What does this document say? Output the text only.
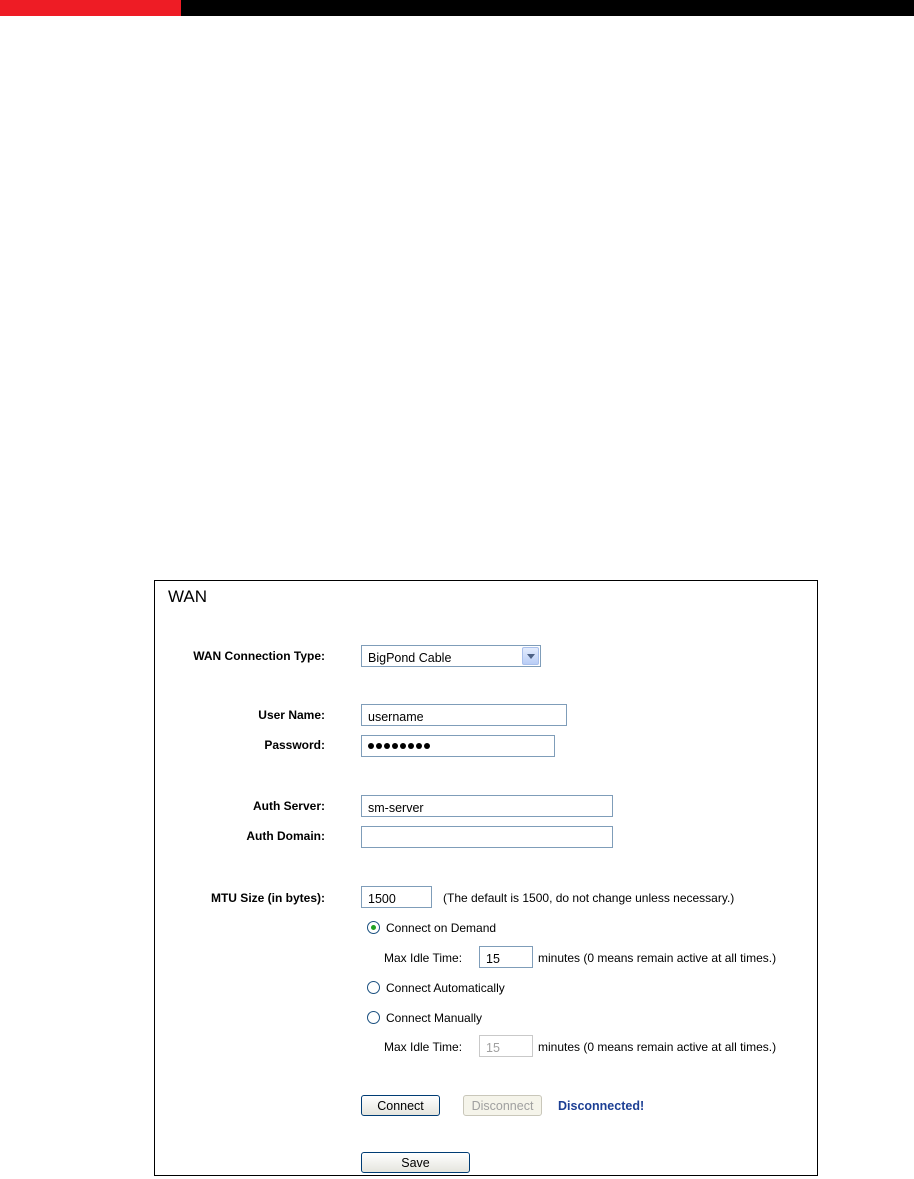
WAN
WAN Connection Type:	BigPond Cable
User Name:	username
Password:
Auth Server:	sm-server
Auth Domain:
MTU Size (in bytes):	1500	(The default is 1500, do not change unless necessary.)
Connect on Demand
Max Idle Time:	15	minutes (0 means remain active at all times.)
Connect Automatically
Connect Manually
Max Idle Time:	15	minutes (0 means remain active at all times.)
Connect	Disconnect	Disconnected!
Save
